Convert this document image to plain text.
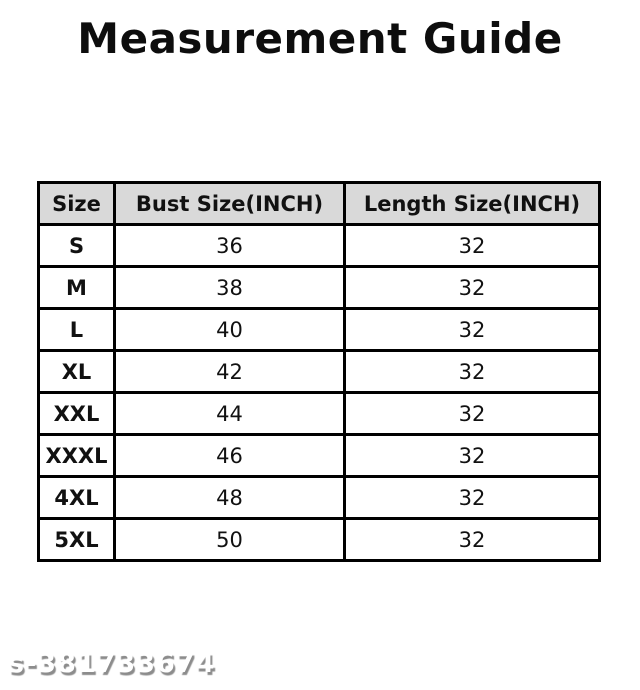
Measurement Guide
Size	Bust Size(INCH)	Length Size(INCH)
S	36	32
M	38	32
L	40	32
XL	42	32
XXL	44	32
XXXL	46	32
4XL	48	32
5XL	50	32
s-381733674
